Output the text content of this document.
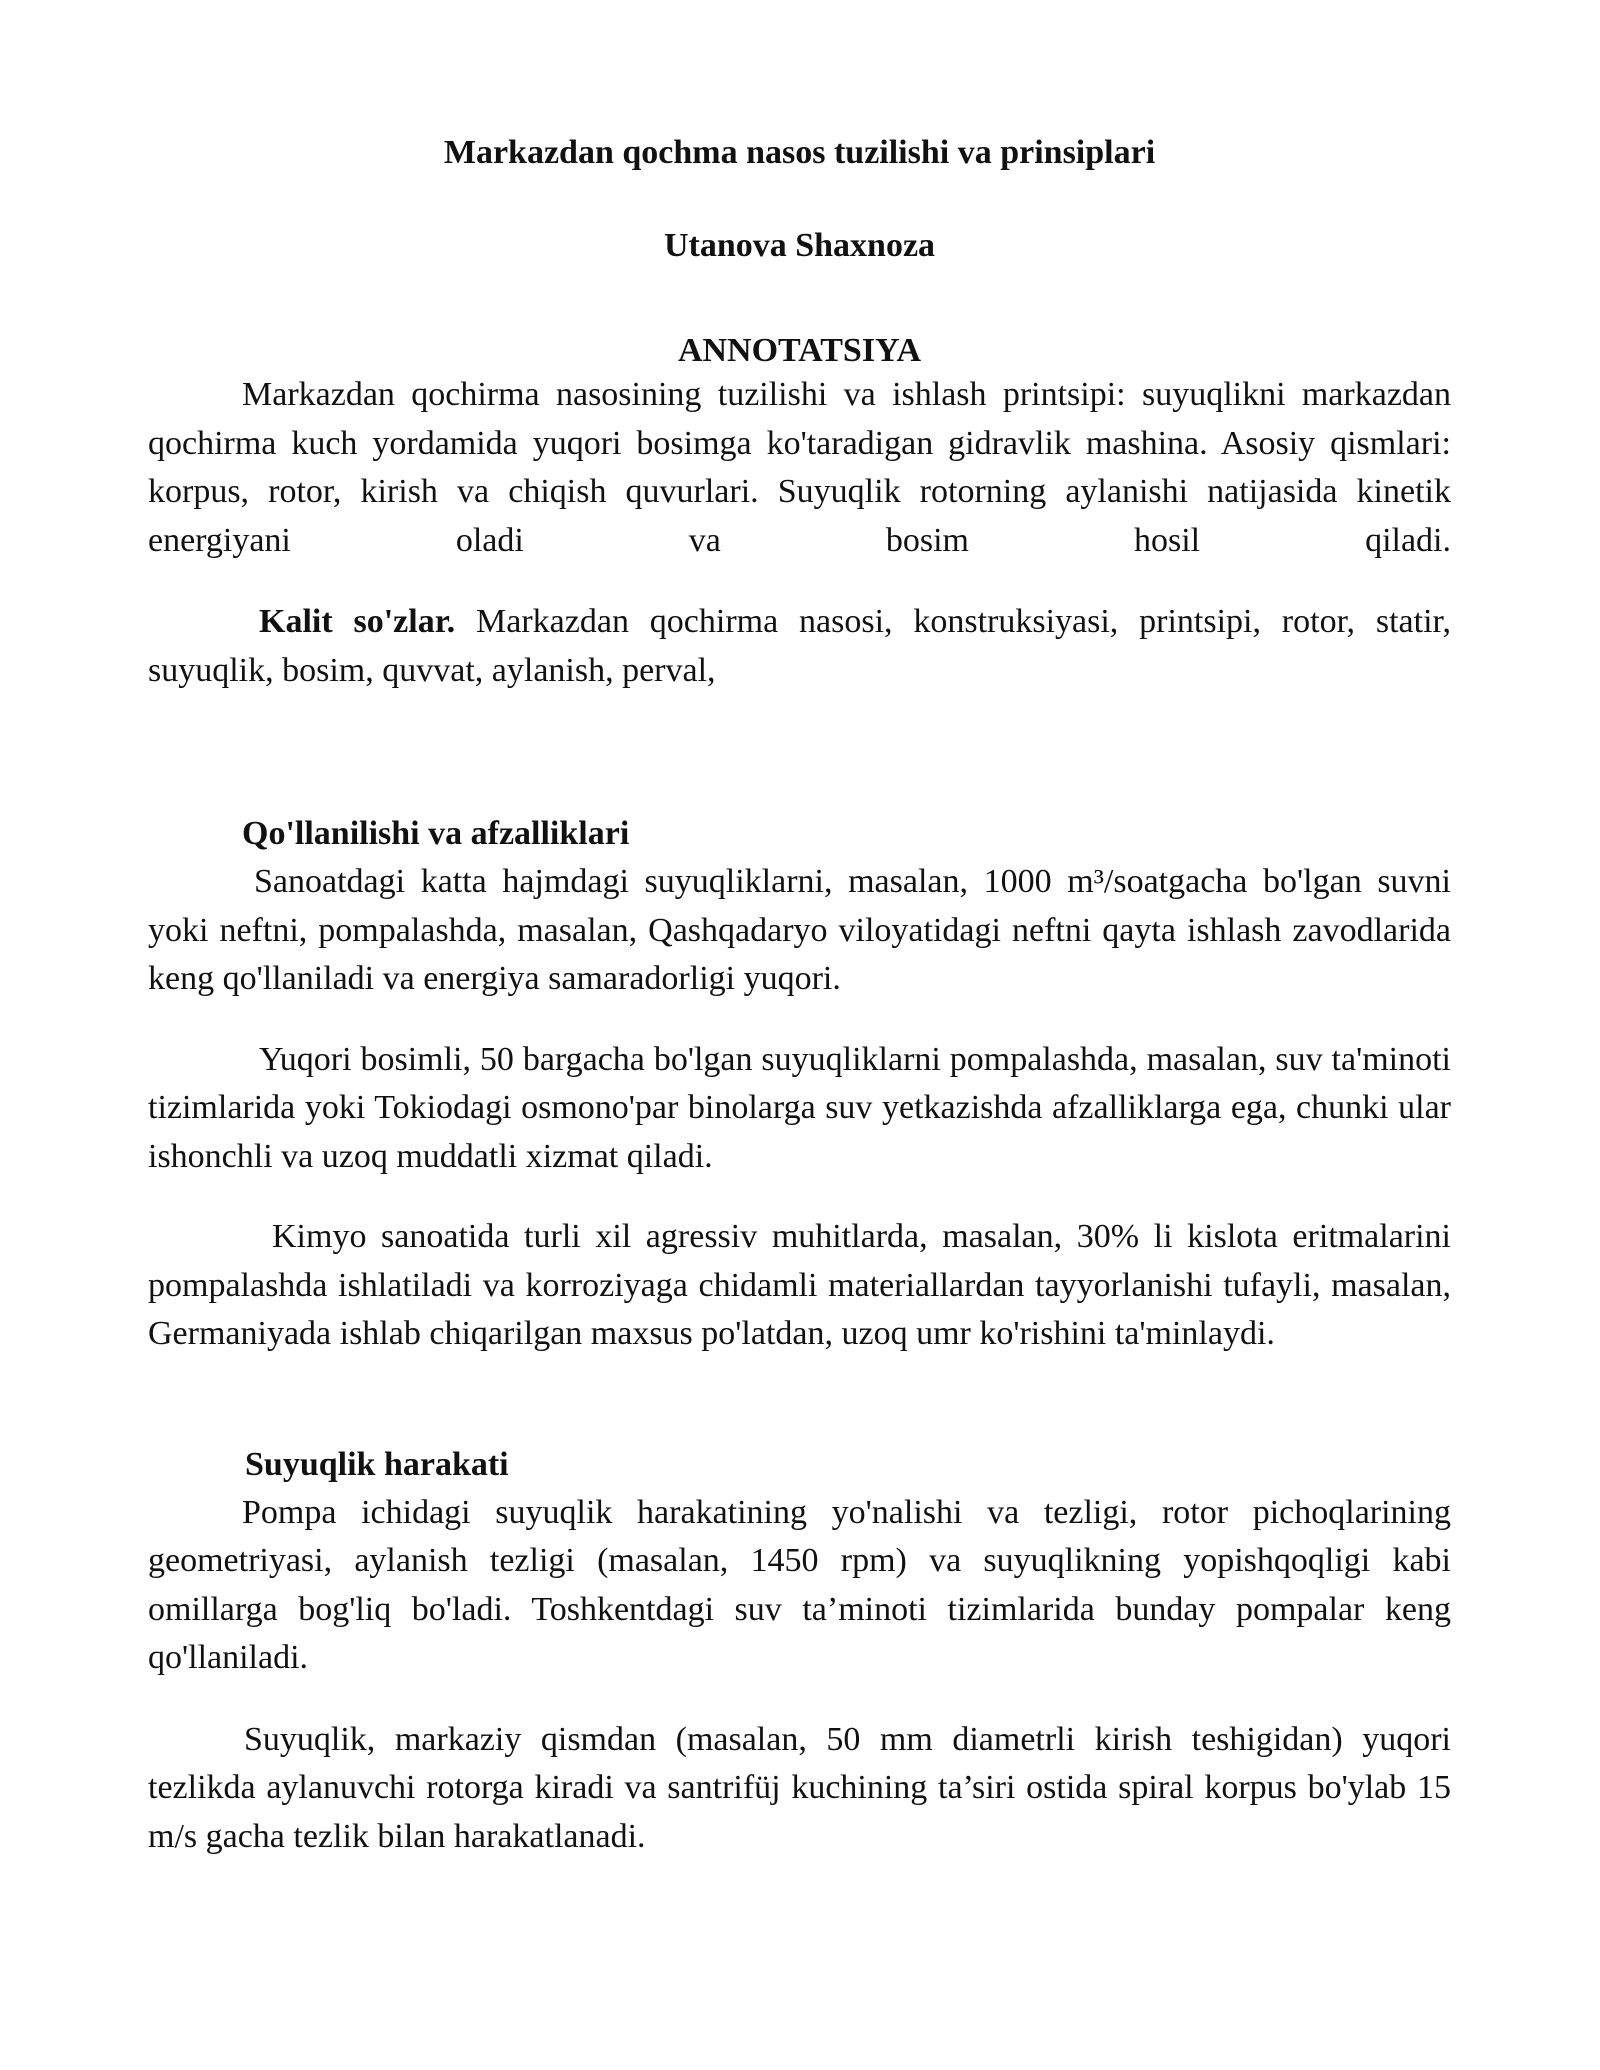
Markazdan qochma nasos tuzilishi va prinsiplari
Utanova Shaxnoza
ANNOTATSIYA

Markazdan qochirma nasosining tuzilishi va ishlash printsipi: suyuqlikni markazdan qochirma kuch yordamida yuqori bosimga ko'taradigan gidravlik mashina. Asosiy qismlari: korpus, rotor, kirish va chiqish quvurlari. Suyuqlik rotorning aylanishi natijasida kinetik energiyani oladi va bosim hosil qiladi.

Kalit so'zlar. Markazdan qochirma nasosi, konstruksiyasi, printsipi, rotor, statir, suyuqlik, bosim, quvvat, aylanish, perval,

Qo'llanilishi va afzalliklari

Sanoatdagi katta hajmdagi suyuqliklarni, masalan, 1000 m³/soatgacha bo'lgan suvni yoki neftni, pompalashda, masalan, Qashqadaryo viloyatidagi neftni qayta ishlash zavodlarida keng qo'llaniladi va energiya samaradorligi yuqori.

Yuqori bosimli, 50 bargacha bo'lgan suyuqliklarni pompalashda, masalan, suv ta'minoti tizimlarida yoki Tokiodagi osmono'par binolarga suv yetkazishda afzalliklarga ega, chunki ular ishonchli va uzoq muddatli xizmat qiladi.

Kimyo sanoatida turli xil agressiv muhitlarda, masalan, 30% li kislota eritmalarini pompalashda ishlatiladi va korroziyaga chidamli materiallardan tayyorlanishi tufayli, masalan, Germaniyada ishlab chiqarilgan maxsus po'latdan, uzoq umr ko'rishini ta'minlaydi.

Suyuqlik harakati

Pompa ichidagi suyuqlik harakatining yo'nalishi va tezligi, rotor pichoqlarining geometriyasi, aylanish tezligi (masalan, 1450 rpm) va suyuqlikning yopishqoqligi kabi omillarga bog'liq bo'ladi. Toshkentdagi suv ta’minoti tizimlarida bunday pompalar keng qo'llaniladi.

Suyuqlik, markaziy qismdan (masalan, 50 mm diametrli kirish teshigidan) yuqori tezlikda aylanuvchi rotorga kiradi va santrifüj kuchining ta’siri ostida spiral korpus bo'ylab 15 m/s gacha tezlik bilan harakatlanadi.
